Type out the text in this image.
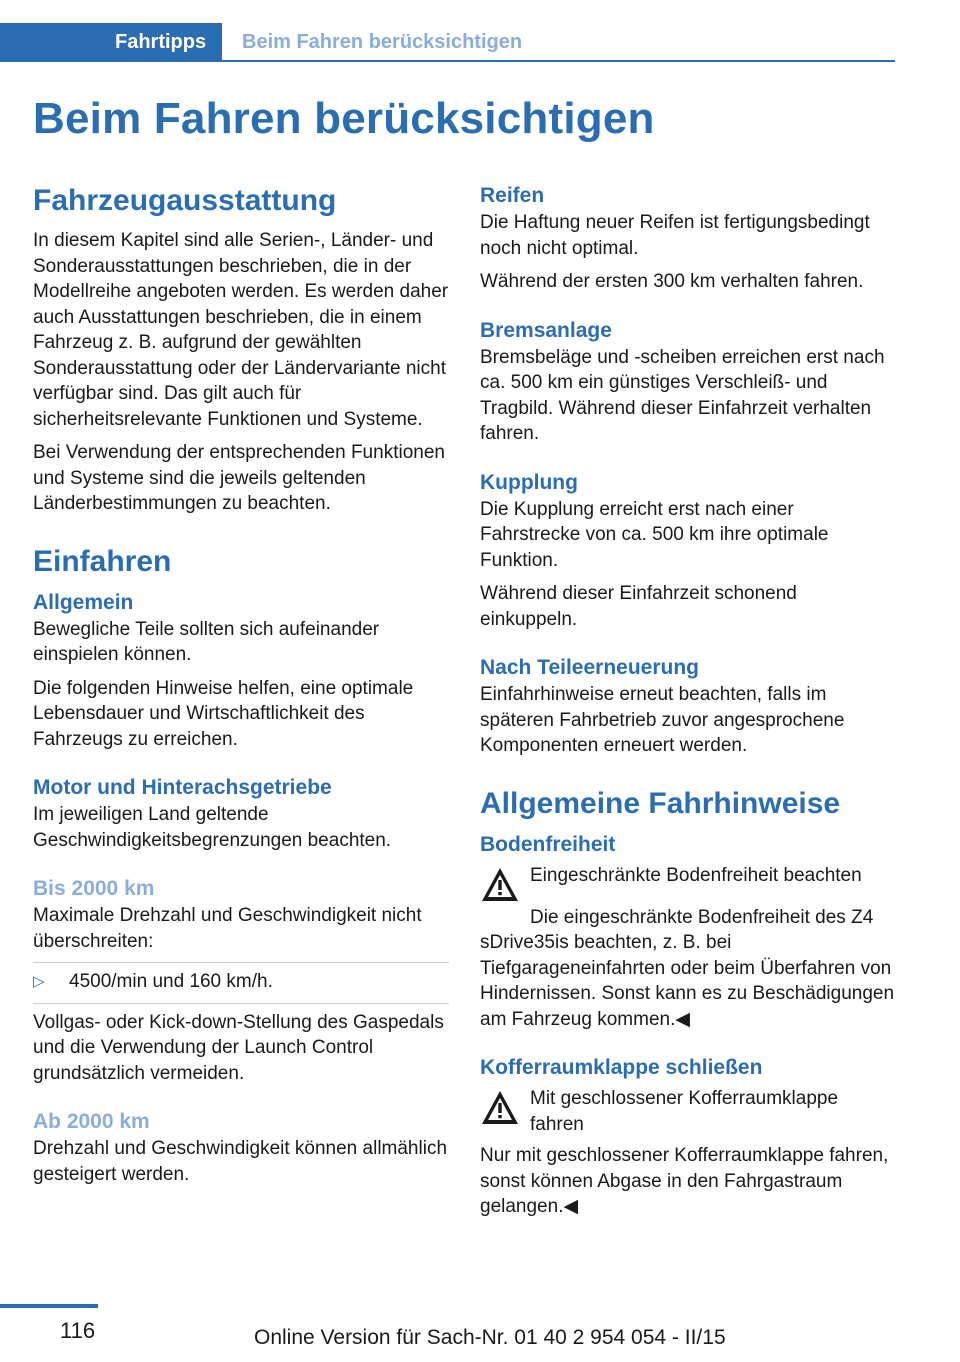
Fahrtipps	Beim Fahren berücksichtigen
Beim Fahren berücksichtigen
Fahrzeugausstattung

In diesem Kapitel sind alle Serien-, Länder- und Sonderausstattungen beschrieben, die in der Modellreihe angeboten werden. Es werden daher auch Ausstattungen beschrieben, die in einem Fahrzeug z. B. aufgrund der gewählten Sonderausstattung oder der Ländervariante nicht verfügbar sind. Das gilt auch für sicherheitsrelevante Funktionen und Systeme.

Bei Verwendung der entsprechenden Funktionen und Systeme sind die jeweils geltenden Länderbestimmungen zu beachten.

Einfahren
Allgemein

Bewegliche Teile sollten sich aufeinander einspielen können.

Die folgenden Hinweise helfen, eine optimale Lebensdauer und Wirtschaftlichkeit des Fahrzeugs zu erreichen.

Motor und Hinterachsgetriebe

Im jeweiligen Land geltende Geschwindigkeitsbegrenzungen beachten.

Bis 2000 km

Maximale Drehzahl und Geschwindigkeit nicht überschreiten:

▷	4500/min und 160 km/h.

Vollgas- oder Kick-down-Stellung des Gaspedals und die Verwendung der Launch Control grundsätzlich vermeiden.

Ab 2000 km

Drehzahl und Geschwindigkeit können allmählich gesteigert werden.

Reifen

Die Haftung neuer Reifen ist fertigungsbedingt noch nicht optimal.

Während der ersten 300 km verhalten fahren.

Bremsanlage

Bremsbeläge und -scheiben erreichen erst nach ca. 500 km ein günstiges Verschleiß- und Tragbild. Während dieser Einfahrzeit verhalten fahren.

Kupplung

Die Kupplung erreicht erst nach einer Fahrstrecke von ca. 500 km ihre optimale Funktion.

Während dieser Einfahrzeit schonend einkuppeln.

Nach Teileerneuerung

Einfahrhinweise erneut beachten, falls im späteren Fahrbetrieb zuvor angesprochene Komponenten erneuert werden.

Allgemeine Fahrhinweise
Bodenfreiheit

Eingeschränkte Bodenfreiheit beachten

Die eingeschränkte Bodenfreiheit des Z4 sDrive35is beachten, z. B. bei Tiefgarageneinfahrten oder beim Überfahren von Hindernissen. Sonst kann es zu Beschädigungen am Fahrzeug kommen.◀

Kofferraumklappe schließen

Mit geschlossener Kofferraumklappe fahren

Nur mit geschlossener Kofferraumklappe fahren, sonst können Abgase in den Fahrgastraum gelangen.◀

116	Online Version für Sach-Nr. 01 40 2 954 054 - II/15
